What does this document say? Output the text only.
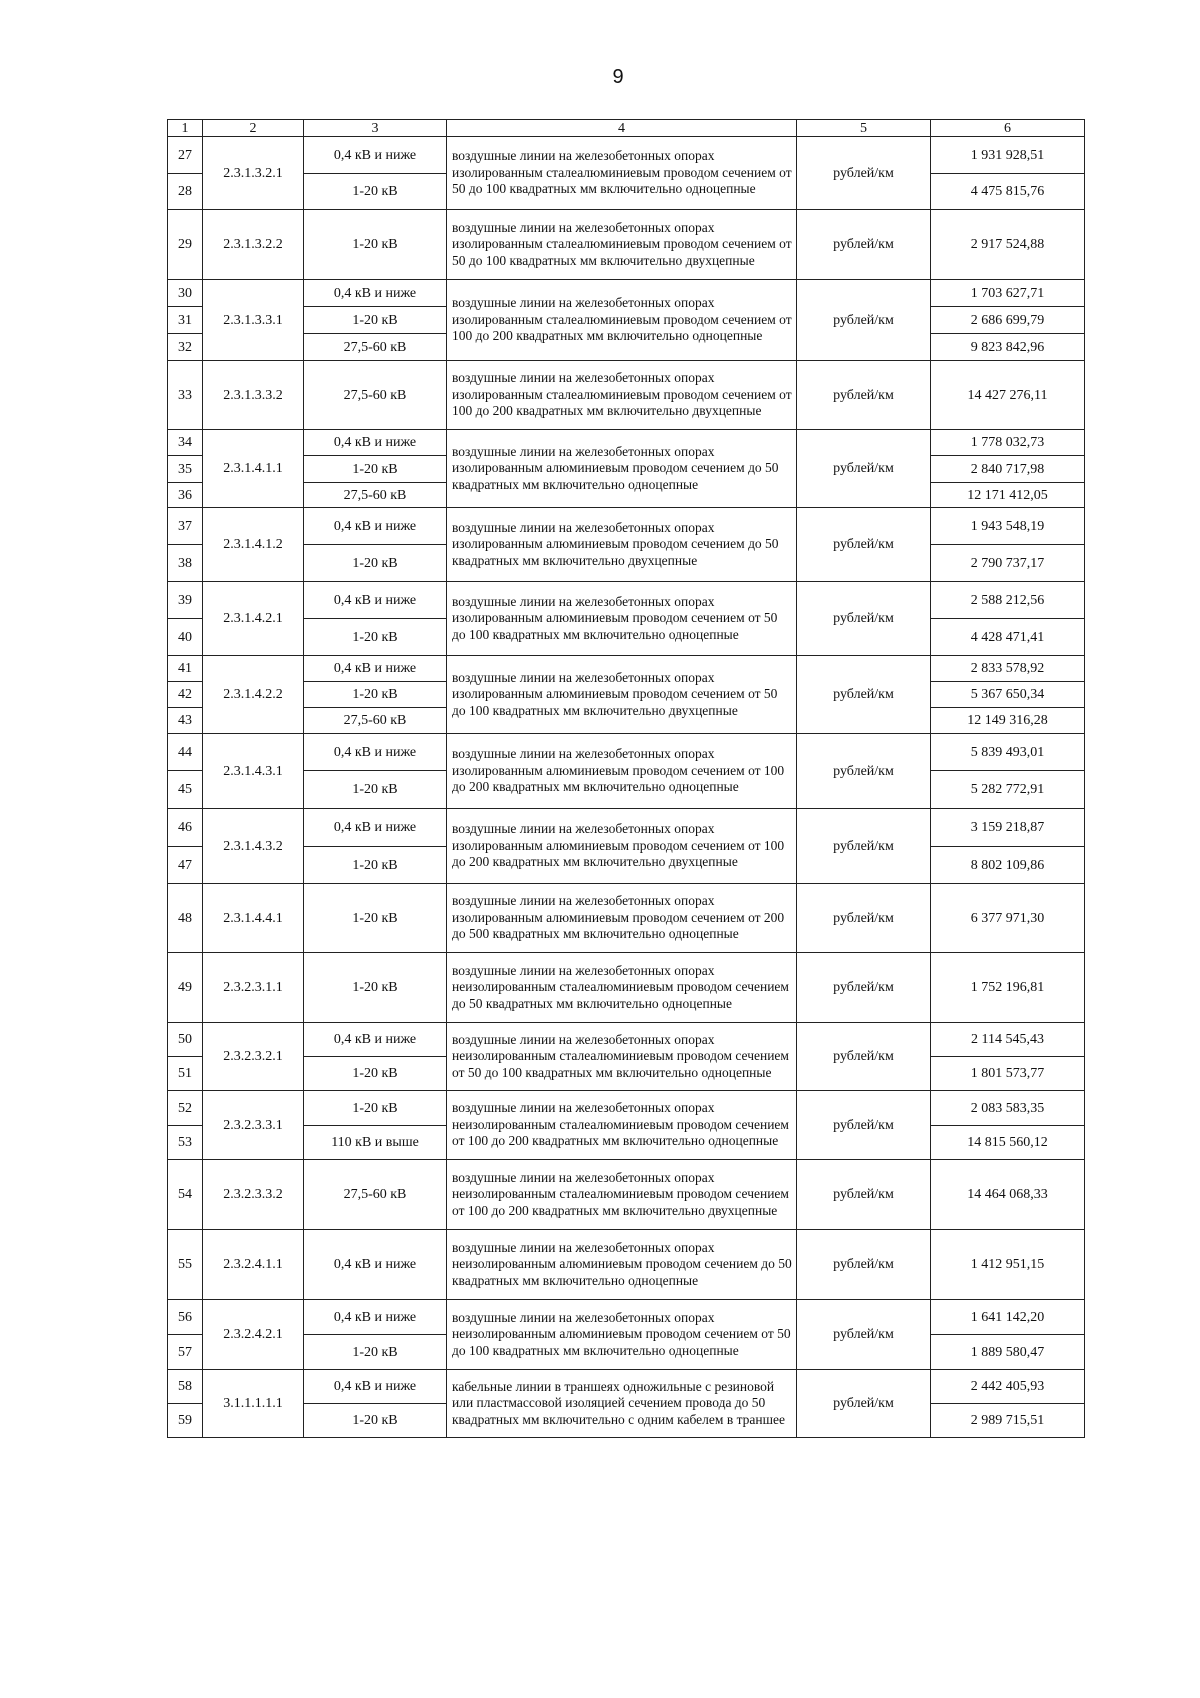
9
1	2	3	4	5	6
27	2.3.1.3.2.1	0,4 кВ и ниже	воздушные линии на железобетонных опорах изолированным сталеалюминиевым проводом сечением от 50 до 100 квадратных мм включительно одноцепные	рублей/км	1 931 928,51
28		1-20 кВ			4 475 815,76
29	2.3.1.3.2.2	1-20 кВ	воздушные линии на железобетонных опорах изолированным сталеалюминиевым проводом сечением от 50 до 100 квадратных мм включительно двухцепные	рублей/км	2 917 524,88
30	2.3.1.3.3.1	0,4 кВ и ниже	воздушные линии на железобетонных опорах изолированным сталеалюминиевым проводом сечением от 100 до 200 квадратных мм включительно одноцепные	рублей/км	1 703 627,71
31		1-20 кВ			2 686 699,79
32		27,5-60 кВ			9 823 842,96
33	2.3.1.3.3.2	27,5-60 кВ	воздушные линии на железобетонных опорах изолированным сталеалюминиевым проводом сечением от 100 до 200 квадратных мм включительно двухцепные	рублей/км	14 427 276,11
34	2.3.1.4.1.1	0,4 кВ и ниже	воздушные линии на железобетонных опорах изолированным алюминиевым проводом сечением до 50 квадратных мм включительно одноцепные	рублей/км	1 778 032,73
35		1-20 кВ			2 840 717,98
36		27,5-60 кВ			12 171 412,05
37	2.3.1.4.1.2	0,4 кВ и ниже	воздушные линии на железобетонных опорах изолированным алюминиевым проводом сечением до 50 квадратных мм включительно двухцепные	рублей/км	1 943 548,19
38		1-20 кВ			2 790 737,17
39	2.3.1.4.2.1	0,4 кВ и ниже	воздушные линии на железобетонных опорах изолированным алюминиевым проводом сечением от 50 до 100 квадратных мм включительно одноцепные	рублей/км	2 588 212,56
40		1-20 кВ			4 428 471,41
41	2.3.1.4.2.2	0,4 кВ и ниже	воздушные линии на железобетонных опорах изолированным алюминиевым проводом сечением от 50 до 100 квадратных мм включительно двухцепные	рублей/км	2 833 578,92
42		1-20 кВ			5 367 650,34
43		27,5-60 кВ			12 149 316,28
44	2.3.1.4.3.1	0,4 кВ и ниже	воздушные линии на железобетонных опорах изолированным алюминиевым проводом сечением от 100 до 200 квадратных мм включительно одноцепные	рублей/км	5 839 493,01
45		1-20 кВ			5 282 772,91
46	2.3.1.4.3.2	0,4 кВ и ниже	воздушные линии на железобетонных опорах изолированным алюминиевым проводом сечением от 100 до 200 квадратных мм включительно двухцепные	рублей/км	3 159 218,87
47		1-20 кВ			8 802 109,86
48	2.3.1.4.4.1	1-20 кВ	воздушные линии на железобетонных опорах изолированным алюминиевым проводом сечением от 200 до 500 квадратных мм включительно одноцепные	рублей/км	6 377 971,30
49	2.3.2.3.1.1	1-20 кВ	воздушные линии на железобетонных опорах неизолированным сталеалюминиевым проводом сечением до 50 квадратных мм включительно одноцепные	рублей/км	1 752 196,81
50	2.3.2.3.2.1	0,4 кВ и ниже	воздушные линии на железобетонных опорах неизолированным сталеалюминиевым проводом сечением от 50 до 100 квадратных мм включительно одноцепные	рублей/км	2 114 545,43
51		1-20 кВ			1 801 573,77
52	2.3.2.3.3.1	1-20 кВ	воздушные линии на железобетонных опорах неизолированным сталеалюминиевым проводом сечением от 100 до 200 квадратных мм включительно одноцепные	рублей/км	2 083 583,35
53		110 кВ и выше			14 815 560,12
54	2.3.2.3.3.2	27,5-60 кВ	воздушные линии на железобетонных опорах неизолированным сталеалюминиевым проводом сечением от 100 до 200 квадратных мм включительно двухцепные	рублей/км	14 464 068,33
55	2.3.2.4.1.1	0,4 кВ и ниже	воздушные линии на железобетонных опорах неизолированным алюминиевым проводом сечением до 50 квадратных мм включительно одноцепные	рублей/км	1 412 951,15
56	2.3.2.4.2.1	0,4 кВ и ниже	воздушные линии на железобетонных опорах неизолированным алюминиевым проводом сечением от 50 до 100 квадратных мм включительно одноцепные	рублей/км	1 641 142,20
57		1-20 кВ			1 889 580,47
58	3.1.1.1.1.1	0,4 кВ и ниже	кабельные линии в траншеях одножильные с резиновой или пластмассовой изоляцией сечением провода до 50 квадратных мм включительно с одним кабелем в траншее	рублей/км	2 442 405,93
59		1-20 кВ			2 989 715,51
